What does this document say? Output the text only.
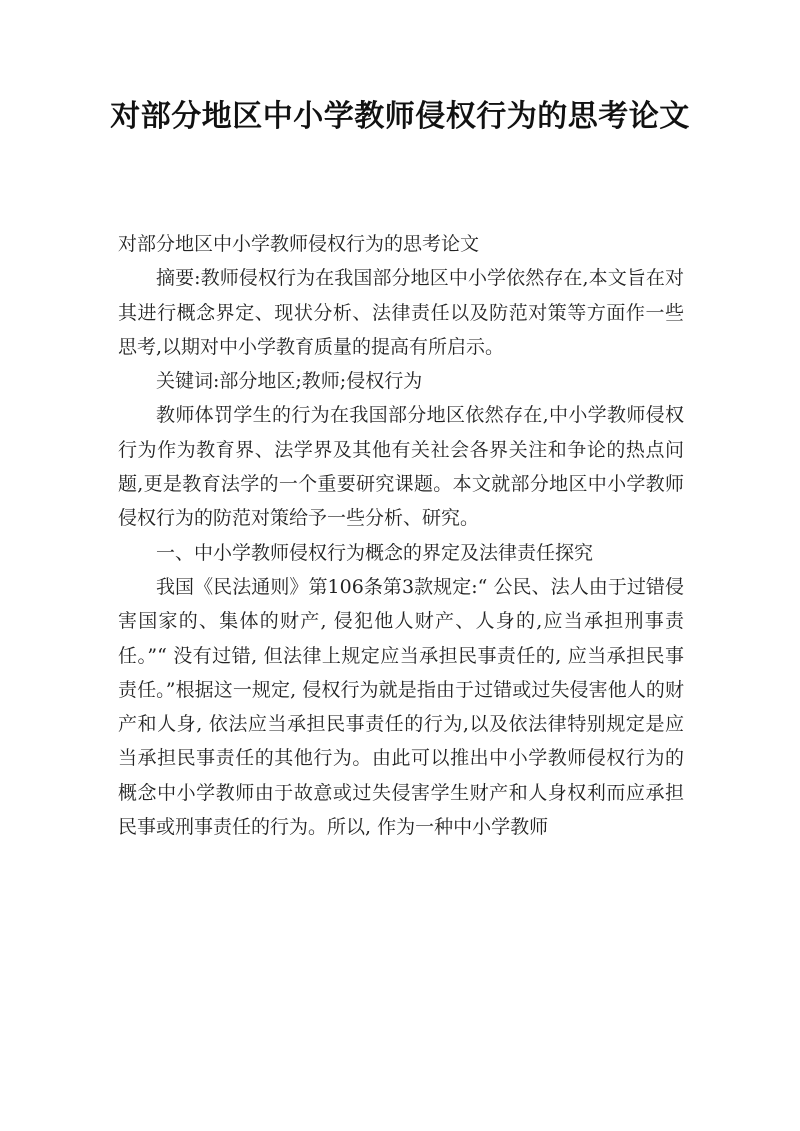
对部分地区中小学教师侵权行为的思考论文

对部分地区中小学教师侵权行为的思考论文

摘要:教师侵权行为在我国部分地区中小学依然存在,本文旨在对其进行概念界定、现状分析、法律责任以及防范对策等方面作一些思考,以期对中小学教育质量的提高有所启示。

关键词:部分地区;教师;侵权行为

教师体罚学生的行为在我国部分地区依然存在,中小学教师侵权行为作为教育界、法学界及其他有关社会各界关注和争论的热点问题,更是教育法学的一个重要研究课题。本文就部分地区中小学教师侵权行为的防范对策给予一些分析、研究。

一、中小学教师侵权行为概念的界定及法律责任探究

我国《民法通则》第106条第3款规定:“ 公民、法人由于过错侵害国家的、集体的财产, 侵犯他人财产、人身的,应当承担刑事责任。”“ 没有过错, 但法律上规定应当承担民事责任的, 应当承担民事责任。”根据这一规定, 侵权行为就是指由于过错或过失侵害他人的财产和人身, 依法应当承担民事责任的行为,以及依法律特别规定是应当承担民事责任的其他行为。由此可以推出中小学教师侵权行为的概念中小学教师由于故意或过失侵害学生财产和人身权利而应承担民事或刑事责任的行为。所以, 作为一种中小学教师
